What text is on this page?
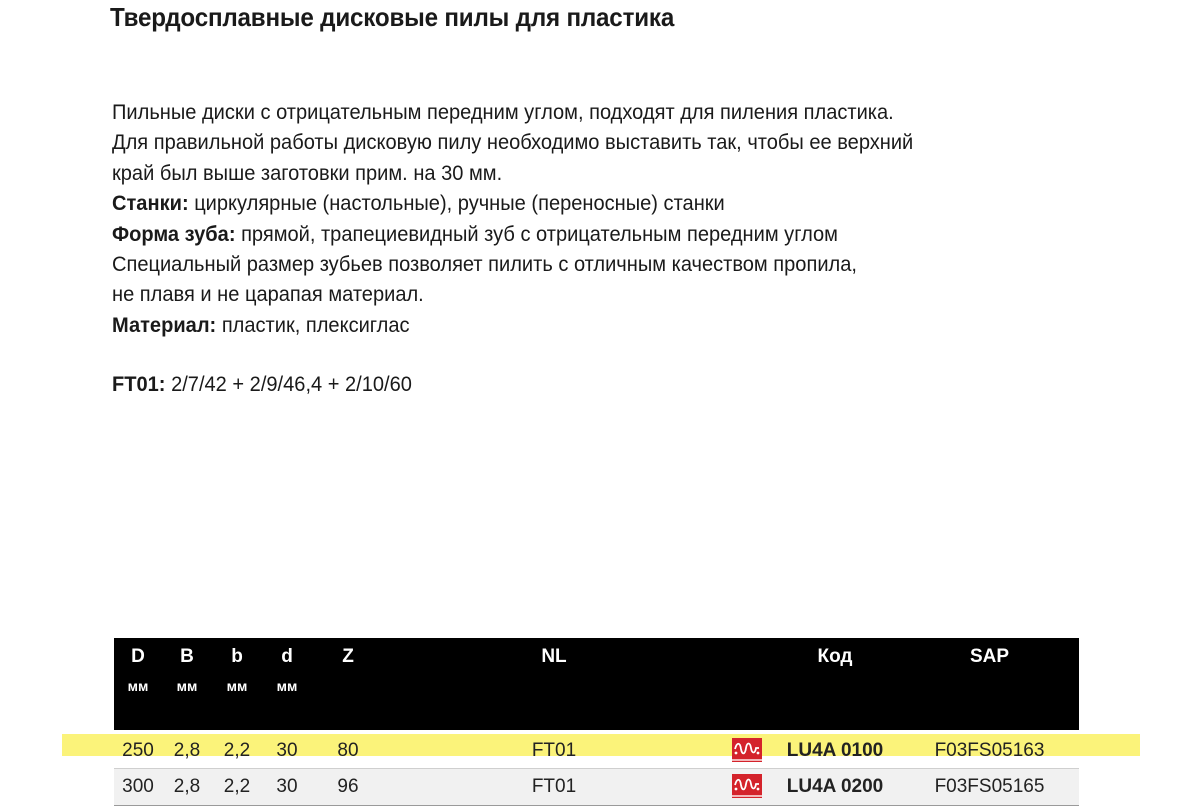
Твердосплавные дисковые пилы для пластика
Пильные диски с отрицательным передним углом, подходят для пиления пластика.
Для правильной работы дисковую пилу необходимо выставить так, чтобы ее верхний
край был выше заготовки прим. на 30 мм.
Станки: циркулярные (настольные), ручные (переносные) станки
Форма зуба: прямой, трапециевидный зуб с отрицательным передним углом
Специальный размер зубьев позволяет пилить с отличным качеством пропила,
не плавя и не царапая материал.
Материал: пластик, плексиглас
FT01: 2/7/42 + 2/9/46,4 + 2/10/60
D	B	b	d	Z	NL		Код	SAP
мм	мм	мм	мм					
250	2,8	2,2	30	80	FT01		LU4A 0100	F03FS05163
300	2,8	2,2	30	96	FT01		LU4A 0200	F03FS05165
